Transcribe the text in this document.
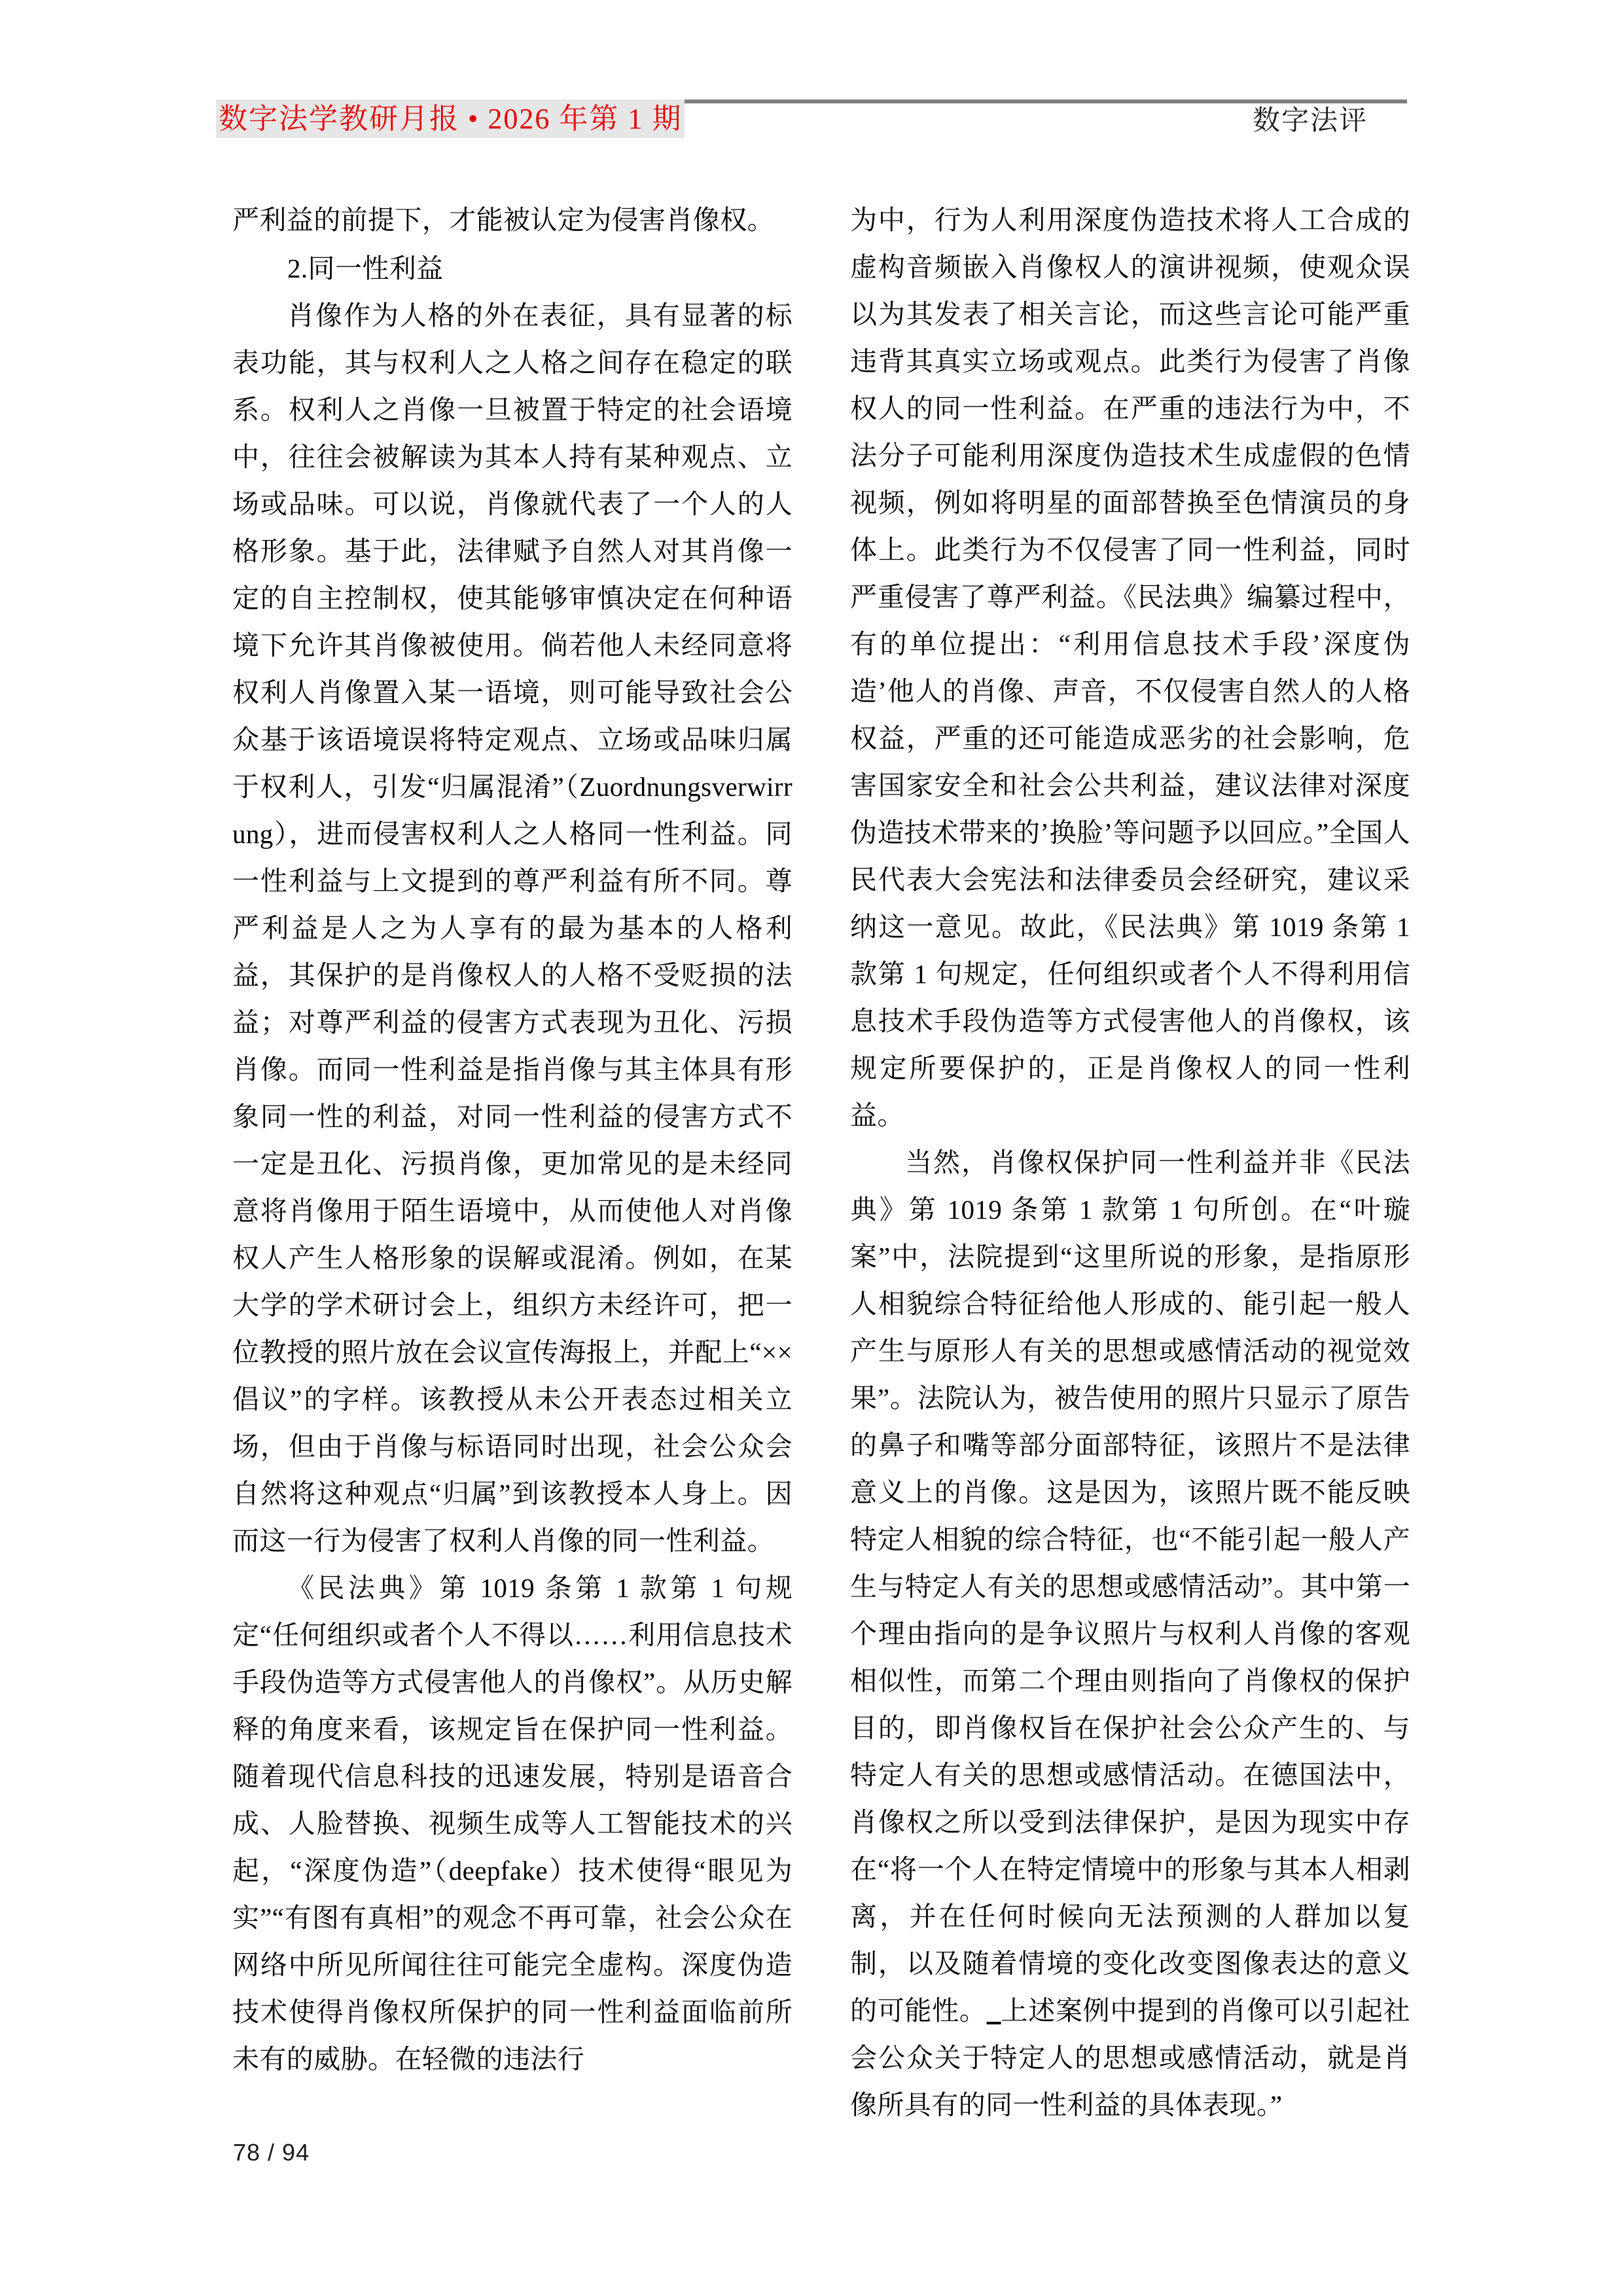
数字法学教研月报 • 2026 年第 1 期	数字法评

严利益的前提下，才能被认定为侵害肖像权。

2.同一性利益

肖像作为人格的外在表征，具有显著的标表功能，其与权利人之人格之间存在稳定的联系。权利人之肖像一旦被置于特定的社会语境中，往往会被解读为其本人持有某种观点、立场或品味。可以说，肖像就代表了一个人的人格形象。基于此，法律赋予自然人对其肖像一定的自主控制权，使其能够审慎决定在何种语境下允许其肖像被使用。倘若他人未经同意将权利人肖像置入某一语境，则可能导致社会公众基于该语境误将特定观点、立场或品味归属于权利人，引发“归属混淆”（Zuordnungsverwirrung），进而侵害权利人之人格同一性利益。同一性利益与上文提到的尊严利益有所不同。尊严利益是人之为人享有的最为基本的人格利益，其保护的是肖像权人的人格不受贬损的法益；对尊严利益的侵害方式表现为丑化、污损肖像。而同一性利益是指肖像与其主体具有形象同一性的利益，对同一性利益的侵害方式不一定是丑化、污损肖像，更加常见的是未经同意将肖像用于陌生语境中，从而使他人对肖像权人产生人格形象的误解或混淆。例如，在某大学的学术研讨会上，组织方未经许可，把一位教授的照片放在会议宣传海报上，并配上“××倡议”的字样。该教授从未公开表态过相关立场，但由于肖像与标语同时出现，社会公众会自然将这种观点“归属”到该教授本人身上。因而这一行为侵害了权利人肖像的同一性利益。

《民法典》第 1019 条第 1 款第 1 句规定“任何组织或者个人不得以……利用信息技术手段伪造等方式侵害他人的肖像权”。从历史解释的角度来看，该规定旨在保护同一性利益。随着现代信息科技的迅速发展，特别是语音合成、人脸替换、视频生成等人工智能技术的兴起，“深度伪造”（deepfake）技术使得“眼见为实”“有图有真相”的观念不再可靠，社会公众在网络中所见所闻往往可能完全虚构。深度伪造技术使得肖像权所保护的同一性利益面临前所未有的威胁。在轻微的违法行

为中，行为人利用深度伪造技术将人工合成的虚构音频嵌入肖像权人的演讲视频，使观众误以为其发表了相关言论，而这些言论可能严重违背其真实立场或观点。此类行为侵害了肖像权人的同一性利益。在严重的违法行为中，不法分子可能利用深度伪造技术生成虚假的色情视频，例如将明星的面部替换至色情演员的身体上。此类行为不仅侵害了同一性利益，同时严重侵害了尊严利益。《民法典》编纂过程中，有的单位提出：“利用信息技术手段’深度伪造’他人的肖像、声音，不仅侵害自然人的人格权益，严重的还可能造成恶劣的社会影响，危害国家安全和社会公共利益，建议法律对深度伪造技术带来的’换脸’等问题予以回应。”全国人民代表大会宪法和法律委员会经研究，建议采纳这一意见。故此，《民法典》第 1019 条第 1 款第 1 句规定，任何组织或者个人不得利用信息技术手段伪造等方式侵害他人的肖像权，该规定所要保护的，正是肖像权人的同一性利益。

当然，肖像权保护同一性利益并非《民法典》第 1019 条第 1 款第 1 句所创。在“叶璇案”中，法院提到“这里所说的形象，是指原形人相貌综合特征给他人形成的、能引起一般人产生与原形人有关的思想或感情活动的视觉效果”。法院认为，被告使用的照片只显示了原告的鼻子和嘴等部分面部特征，该照片不是法律意义上的肖像。这是因为，该照片既不能反映特定人相貌的综合特征，也“不能引起一般人产生与特定人有关的思想或感情活动”。其中第一个理由指向的是争议照片与权利人肖像的客观相似性，而第二个理由则指向了肖像权的保护目的，即肖像权旨在保护社会公众产生的、与特定人有关的思想或感情活动。在德国法中，肖像权之所以受到法律保护，是因为现实中存在“将一个人在特定情境中的形象与其本人相剥离，并在任何时候向无法预测的人群加以复制，以及随着情境的变化改变图像表达的意义的可能性。 上述案例中提到的肖像可以引起社会公众关于特定人的思想或感情活动，就是肖像所具有的同一性利益的具体表现。”

78 / 94
